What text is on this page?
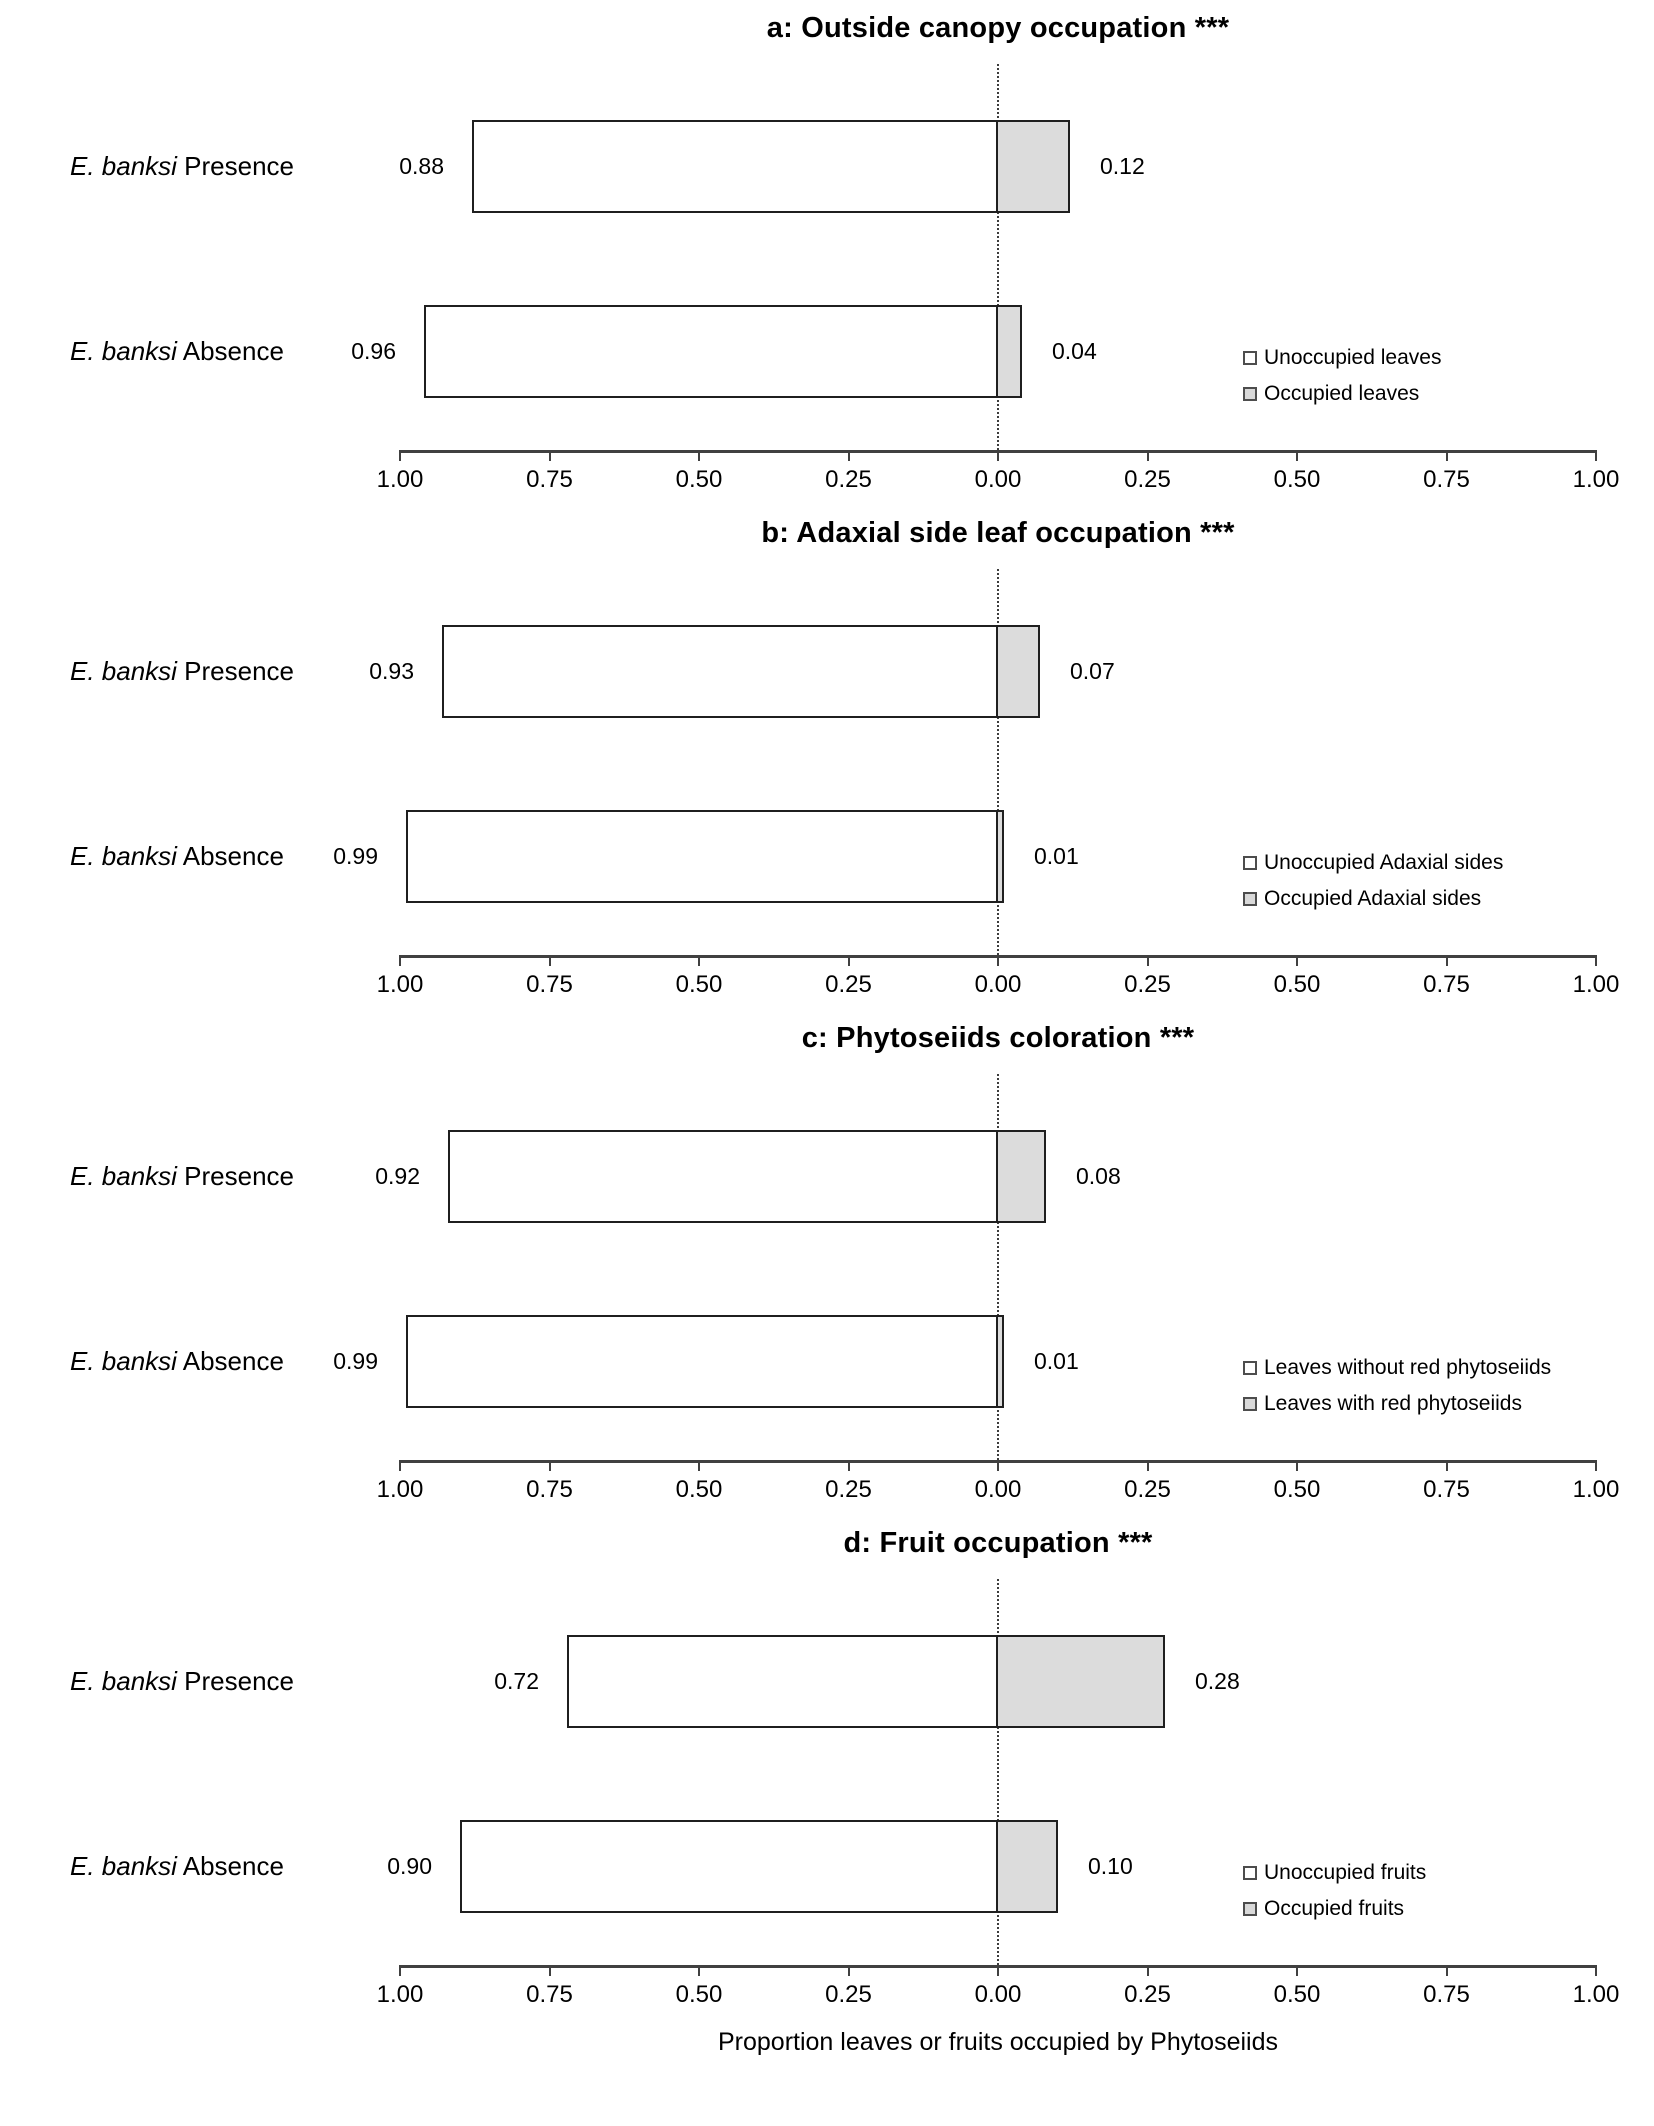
Proportion leaves or fruits occupied by Phytoseiids
a: Outside canopy occupation ***
E. banksi Presence	0.88	0.12
E. banksi Absence	0.96	0.04	Unoccupied leaves
Occupied leaves
1.00	0.75	0.50	0.25	0.00	0.25	0.50	0.75	1.00
b: Adaxial side leaf occupation ***
E. banksi Presence	0.93	0.07
E. banksi Absence	0.99	0.01	Unoccupied Adaxial sides
Occupied Adaxial sides
1.00	0.75	0.50	0.25	0.00	0.25	0.50	0.75	1.00
c: Phytoseiids coloration ***
E. banksi Presence	0.92	0.08
E. banksi Absence	0.99	0.01	Leaves without red phytoseiids
Leaves with red phytoseiids
1.00	0.75	0.50	0.25	0.00	0.25	0.50	0.75	1.00
d: Fruit occupation ***
E. banksi Presence	0.72	0.28
E. banksi Absence	0.90	0.10	Unoccupied fruits
Occupied fruits
1.00	0.75	0.50	0.25	0.00	0.25	0.50	0.75	1.00
